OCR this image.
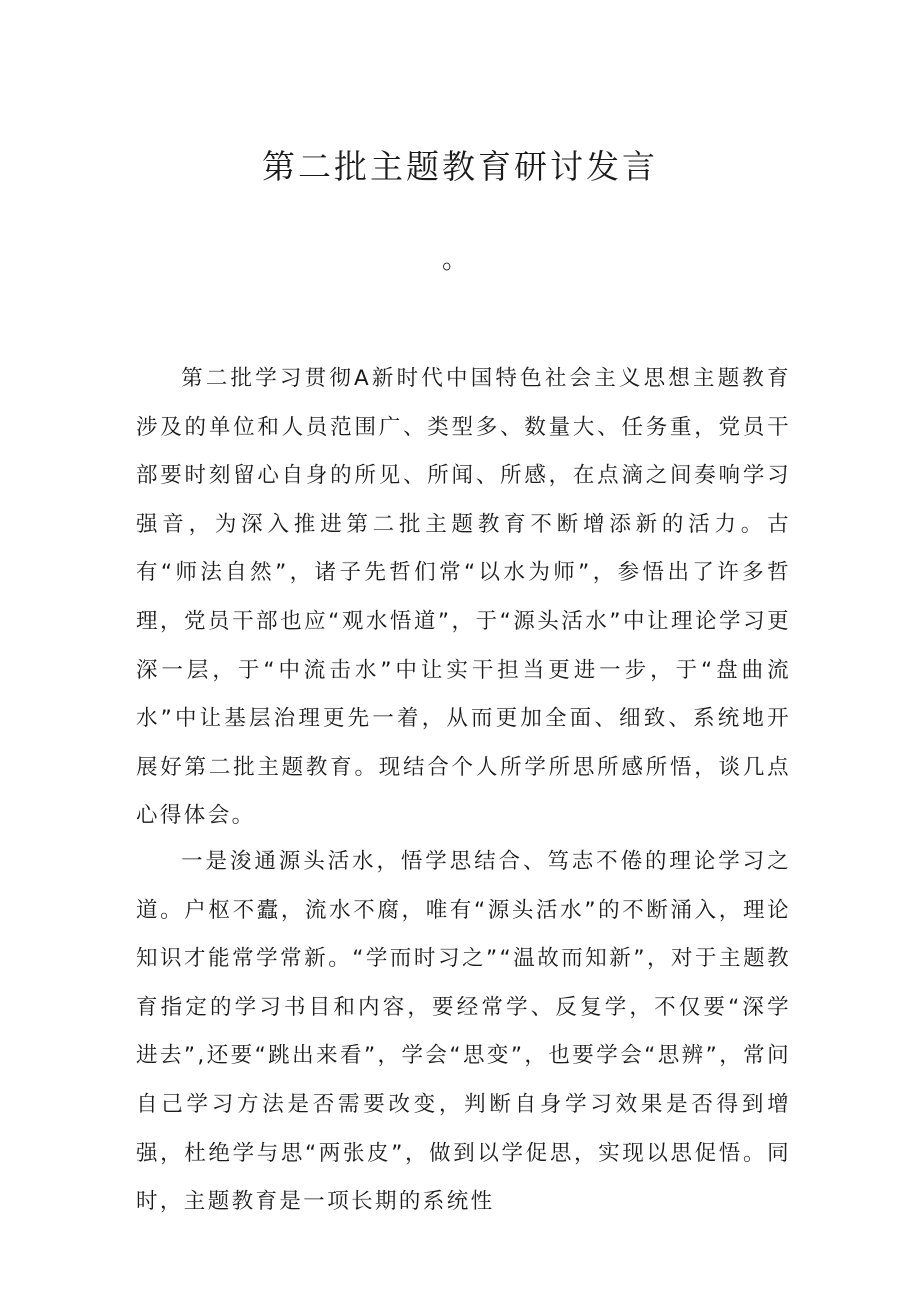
第二批主题教育研讨发言

。

第二批学习贯彻A新时代中国特色社会主义思想主题教育涉及的单位和人员范围广、类型多、数量大、任务重，党员干部要时刻留心自身的所见、所闻、所感，在点滴之间奏响学习强音，为深入推进第二批主题教育不断增添新的活力。古有“师法自然”，诸子先哲们常“以水为师”，参悟出了许多哲理，党员干部也应“观水悟道”，于“源头活水”中让理论学习更深一层，于“中流击水”中让实干担当更进一步，于“盘曲流水”中让基层治理更先一着，从而更加全面、细致、系统地开展好第二批主题教育。现结合个人所学所思所感所悟，谈几点心得体会。

一是浚通源头活水，悟学思结合、笃志不倦的理论学习之道。户枢不蠹，流水不腐，唯有“源头活水”的不断涌入，理论知识才能常学常新。“学而时习之”“温故而知新”，对于主题教育指定的学习书目和内容，要经常学、反复学，不仅要“深学进去”,还要“跳出来看”，学会“思变”，也要学会“思辨”，常问自己学习方法是否需要改变，判断自身学习效果是否得到增强，杜绝学与思“两张皮”，做到以学促思，实现以思促悟。同时，主题教育是一项长期的系统性
